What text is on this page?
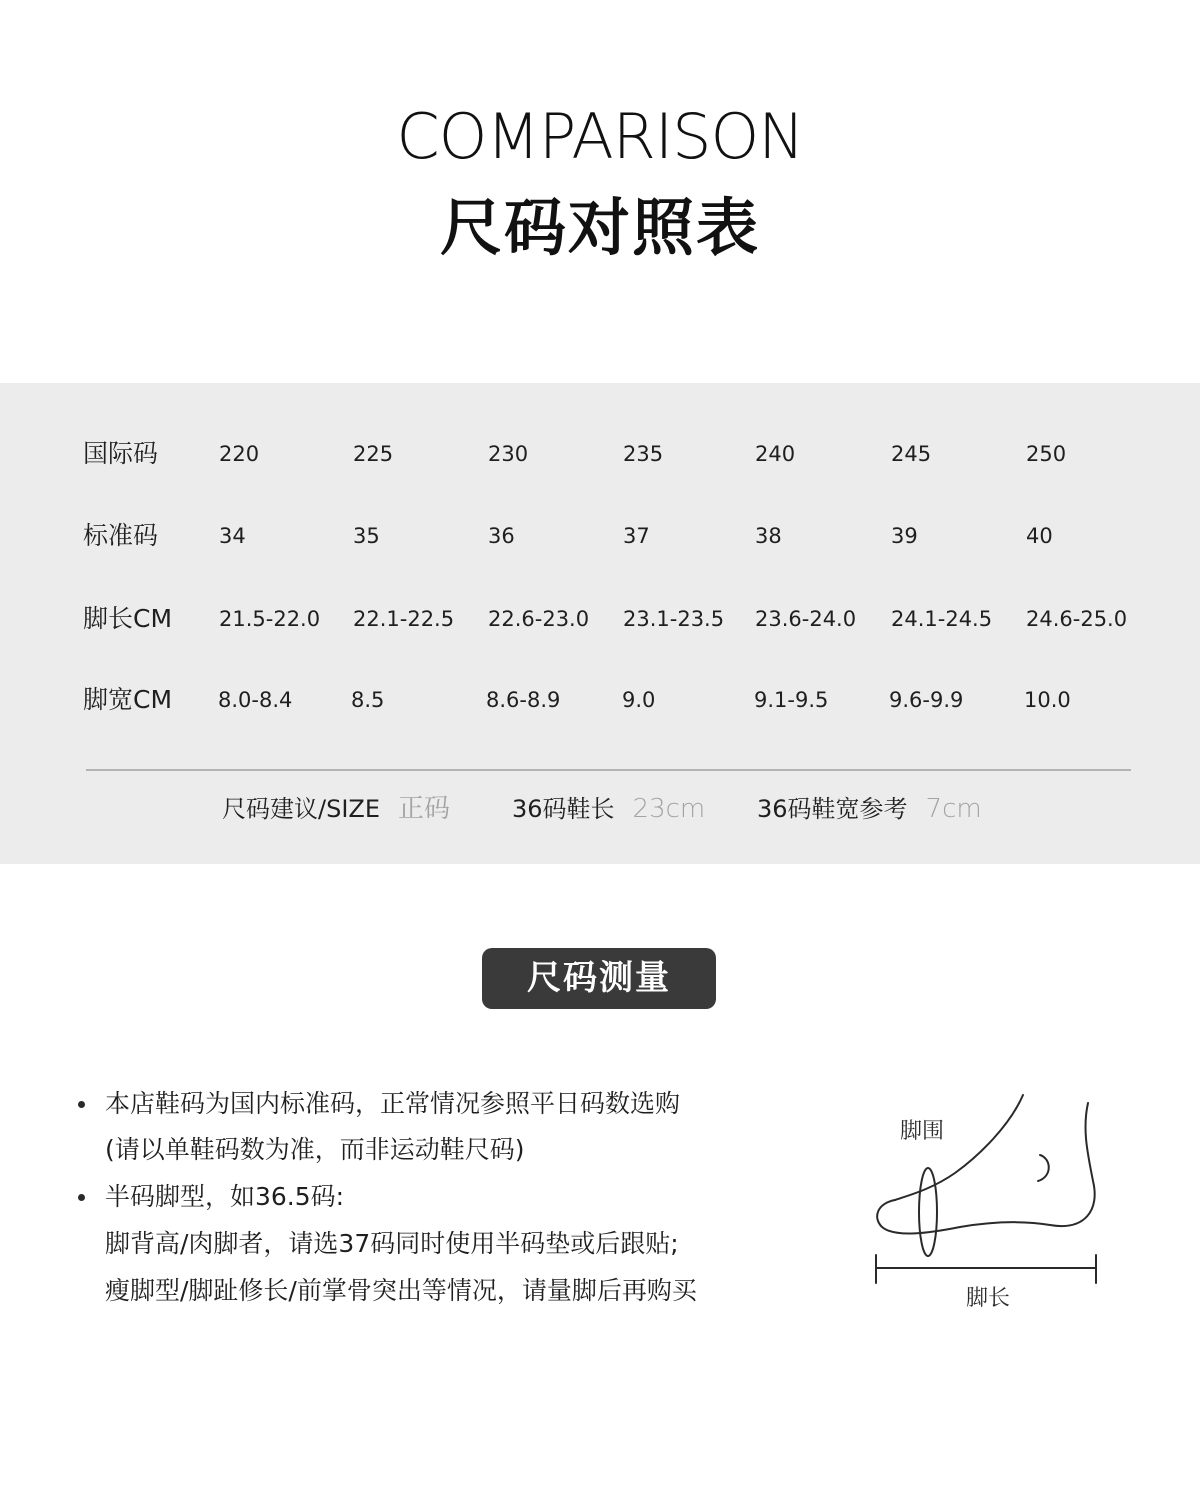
COMPARISON
尺码对照表
国际码	220	225	230	235	240	245	250
标准码	34	35	36	37	38	39	40
脚长CM 21.5-22.0 22.1-22.5 22.6-23.0 23.1-23.5 23.6-24.0 24.1-24.5 24.6-25.0
脚宽CM 8.0-8.4	8.5	8.6-8.9	9.0	9.1-9.5	9.6-9.9	10.0
尺码建议/SIZE 正码	36码鞋长 23cm 36码鞋宽参考 7cm
尺码测量
本店鞋码为国内标准码，正常情况参照平日码数选购
(请以单鞋码数为准，而非运动鞋尺码)
半码脚型，如36.5码:
脚背高/肉脚者，请选37码同时使用半码垫或后跟贴;
瘦脚型/脚趾修长/前掌骨突出等情况，请量脚后再购买
脚围
脚长
